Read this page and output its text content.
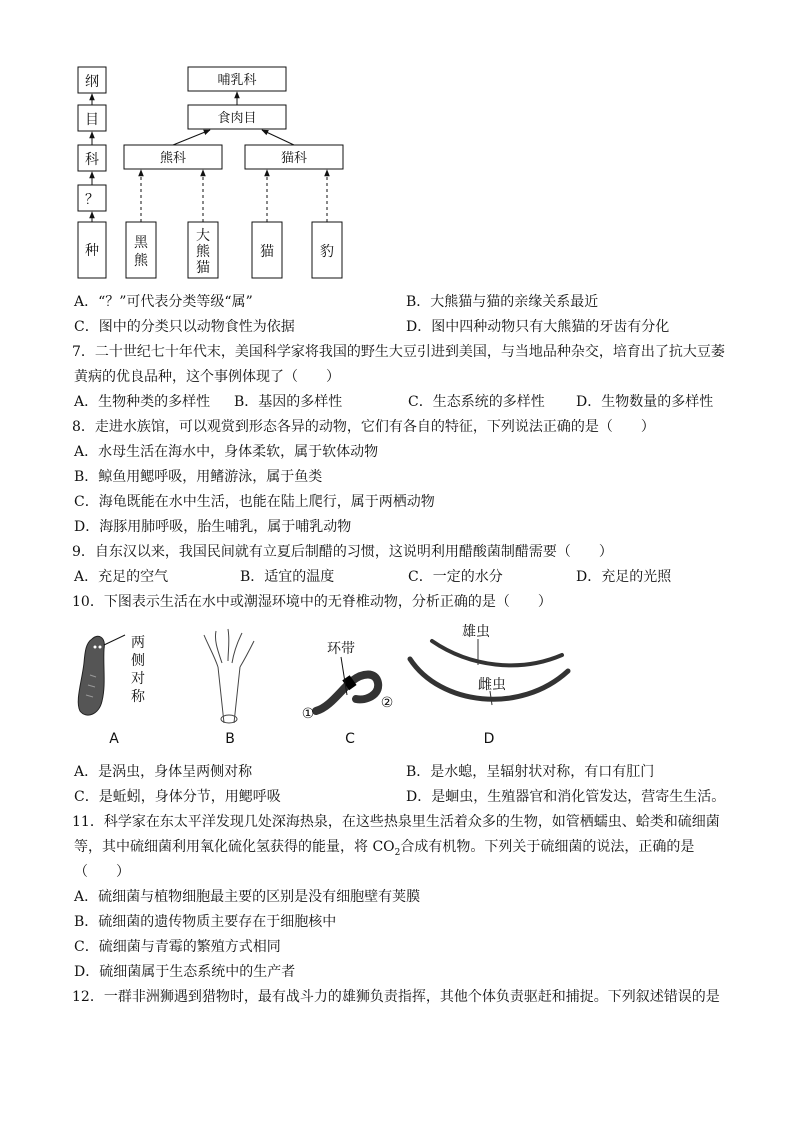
纲
目
科
？
种
哺乳科
食肉目
熊科	猫科
黑
熊
大
熊
猫
猫	豹
A．“？”可代表分类等级“属”	B．大熊猫与猫的亲缘关系最近
C．图中的分类只以动物食性为依据	D．图中四种动物只有大熊猫的牙齿有分化
7．二十世纪七十年代末，美国科学家将我国的野生大豆引进到美国，与当地品种杂交，培育出了抗大豆萎
黄病的优良品种，这个事例体现了（　　）
A．生物种类的多样性 B．基因的多样性	C．生态系统的多样性 D．生物数量的多样性
8．走进水族馆，可以观赏到形态各异的动物，它们有各自的特征，下列说法正确的是（　　）
A．水母生活在海水中，身体柔软，属于软体动物
B．鲸鱼用鳃呼吸，用鳍游泳，属于鱼类
C．海龟既能在水中生活，也能在陆上爬行，属于两栖动物
D．海豚用肺呼吸，胎生哺乳，属于哺乳动物
9．自东汉以来，我国民间就有立夏后制醋的习惯，这说明利用醋酸菌制醋需要（　　）
A．充足的空气	B．适宜的温度	C．一定的水分	D．充足的光照
10．下图表示生活在水中或潮湿环境中的无脊椎动物，分析正确的是（　　）
两
侧
对
称
环带
①
②
雄虫
雌虫
A	B	C	D
A．是涡虫，身体呈两侧对称	B．是水螅，呈辐射状对称，有口有肛门
C．是蚯蚓，身体分节，用鳃呼吸	D．是蛔虫，生殖器官和消化管发达，营寄生生活。
11．科学家在东太平洋发现几处深海热泉，在这些热泉里生活着众多的生物，如管栖蠕虫、蛤类和硫细菌
等，其中硫细菌利用氧化硫化氢获得的能量，将 $CO_2$合成有机物。下列关于硫细菌的说法，正确的是
（　　）
A．硫细菌与植物细胞最主要的区别是没有细胞壁有荚膜
B．硫细菌的遗传物质主要存在于细胞核中
C．硫细菌与青霉的繁殖方式相同
D．硫细菌属于生态系统中的生产者
12．一群非洲狮遇到猎物时，最有战斗力的雄狮负责指挥，其他个体负责驱赶和捕捉。下列叙述错误的是
